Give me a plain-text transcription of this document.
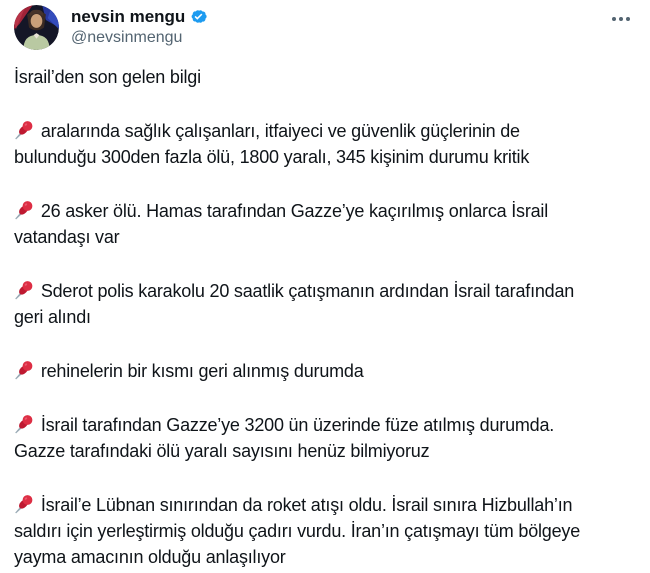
nevsin mengu
@nevsinmengu
İsrail’den son gelen bilgi
aralarında sağlık çalışanları, itfaiyeci ve güvenlik güçlerinin de
bulunduğu 300den fazla ölü, 1800 yaralı, 345 kişinim durumu kritik
26 asker ölü. Hamas tarafından Gazze’ye kaçırılmış onlarca İsrail
vatandaşı var
Sderot polis karakolu 20 saatlik çatışmanın ardından İsrail tarafından
geri alındı
rehinelerin bir kısmı geri alınmış durumda
İsrail tarafından Gazze’ye 3200 ün üzerinde füze atılmış durumda.
Gazze tarafındaki ölü yaralı sayısını henüz bilmiyoruz
İsrail’e Lübnan sınırından da roket atışı oldu. İsrail sınıra Hizbullah’ın
saldırı için yerleştirmiş olduğu çadırı vurdu. İran’ın çatışmayı tüm bölgeye
yayma amacının olduğu anlaşılıyor
